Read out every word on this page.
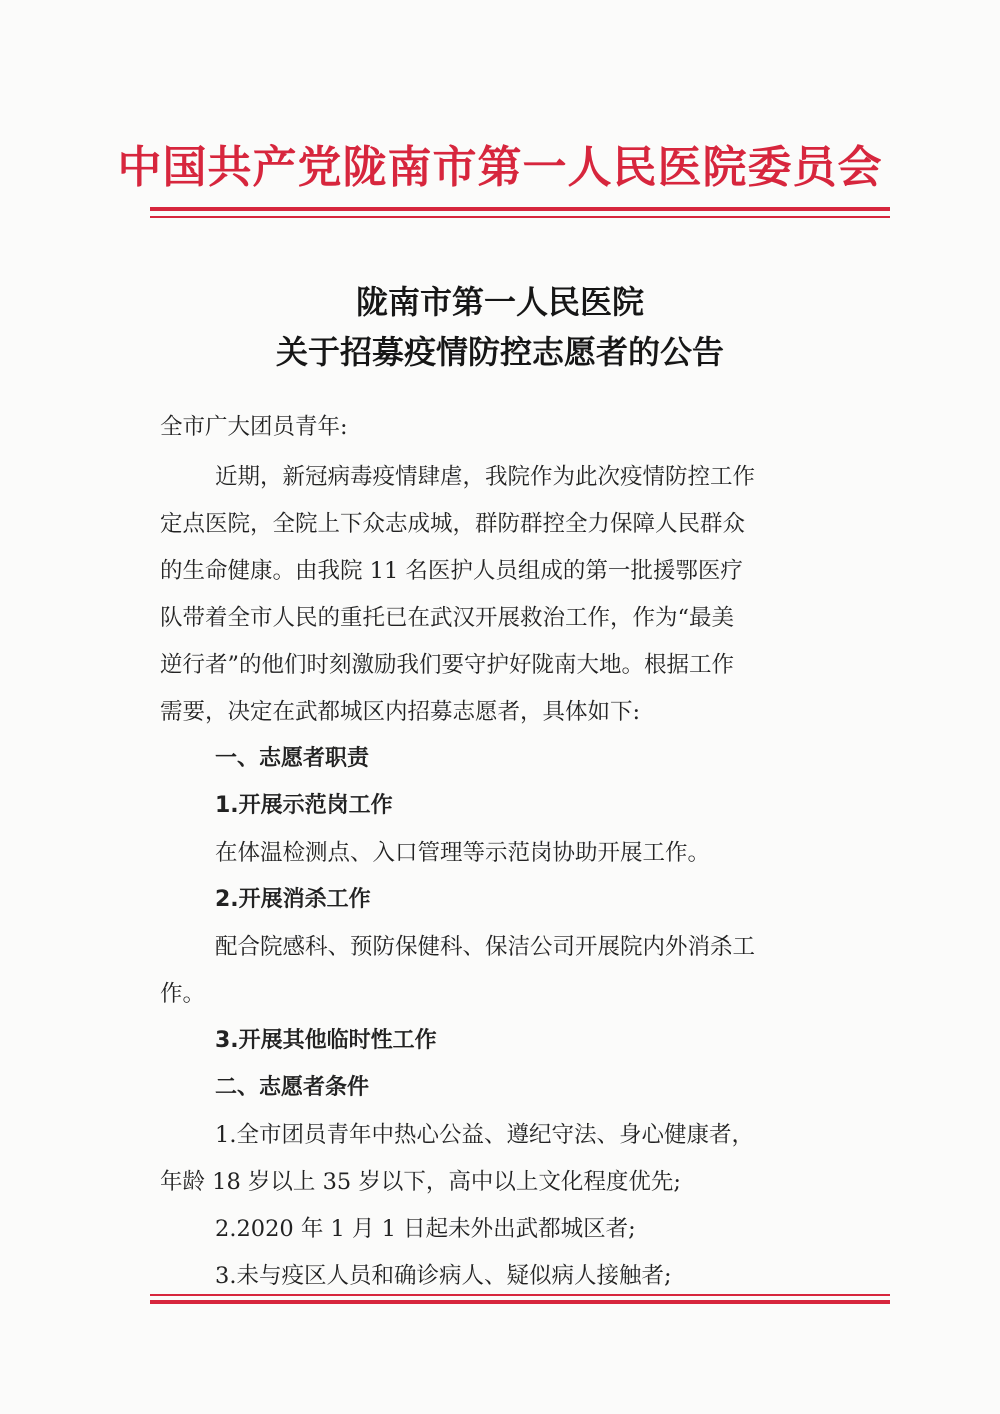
中国共产党陇南市第一人民医院委员会
陇南市第一人民医院
关于招募疫情防控志愿者的公告
全市广大团员青年:
近期，新冠病毒疫情肆虐，我院作为此次疫情防控工作
定点医院，全院上下众志成城，群防群控全力保障人民群众
的生命健康。由我院 11 名医护人员组成的第一批援鄂医疗
队带着全市人民的重托已在武汉开展救治工作，作为“最美
逆行者”的他们时刻激励我们要守护好陇南大地。根据工作
需要，决定在武都城区内招募志愿者，具体如下:
一、志愿者职责
1.开展示范岗工作
在体温检测点、入口管理等示范岗协助开展工作。
2.开展消杀工作
配合院感科、预防保健科、保洁公司开展院内外消杀工
作。
3.开展其他临时性工作
二、志愿者条件
1.全市团员青年中热心公益、遵纪守法、身心健康者，
年龄 18 岁以上 35 岁以下，高中以上文化程度优先;
2.2020 年 1 月 1 日起未外出武都城区者;
3.未与疫区人员和确诊病人、疑似病人接触者;
